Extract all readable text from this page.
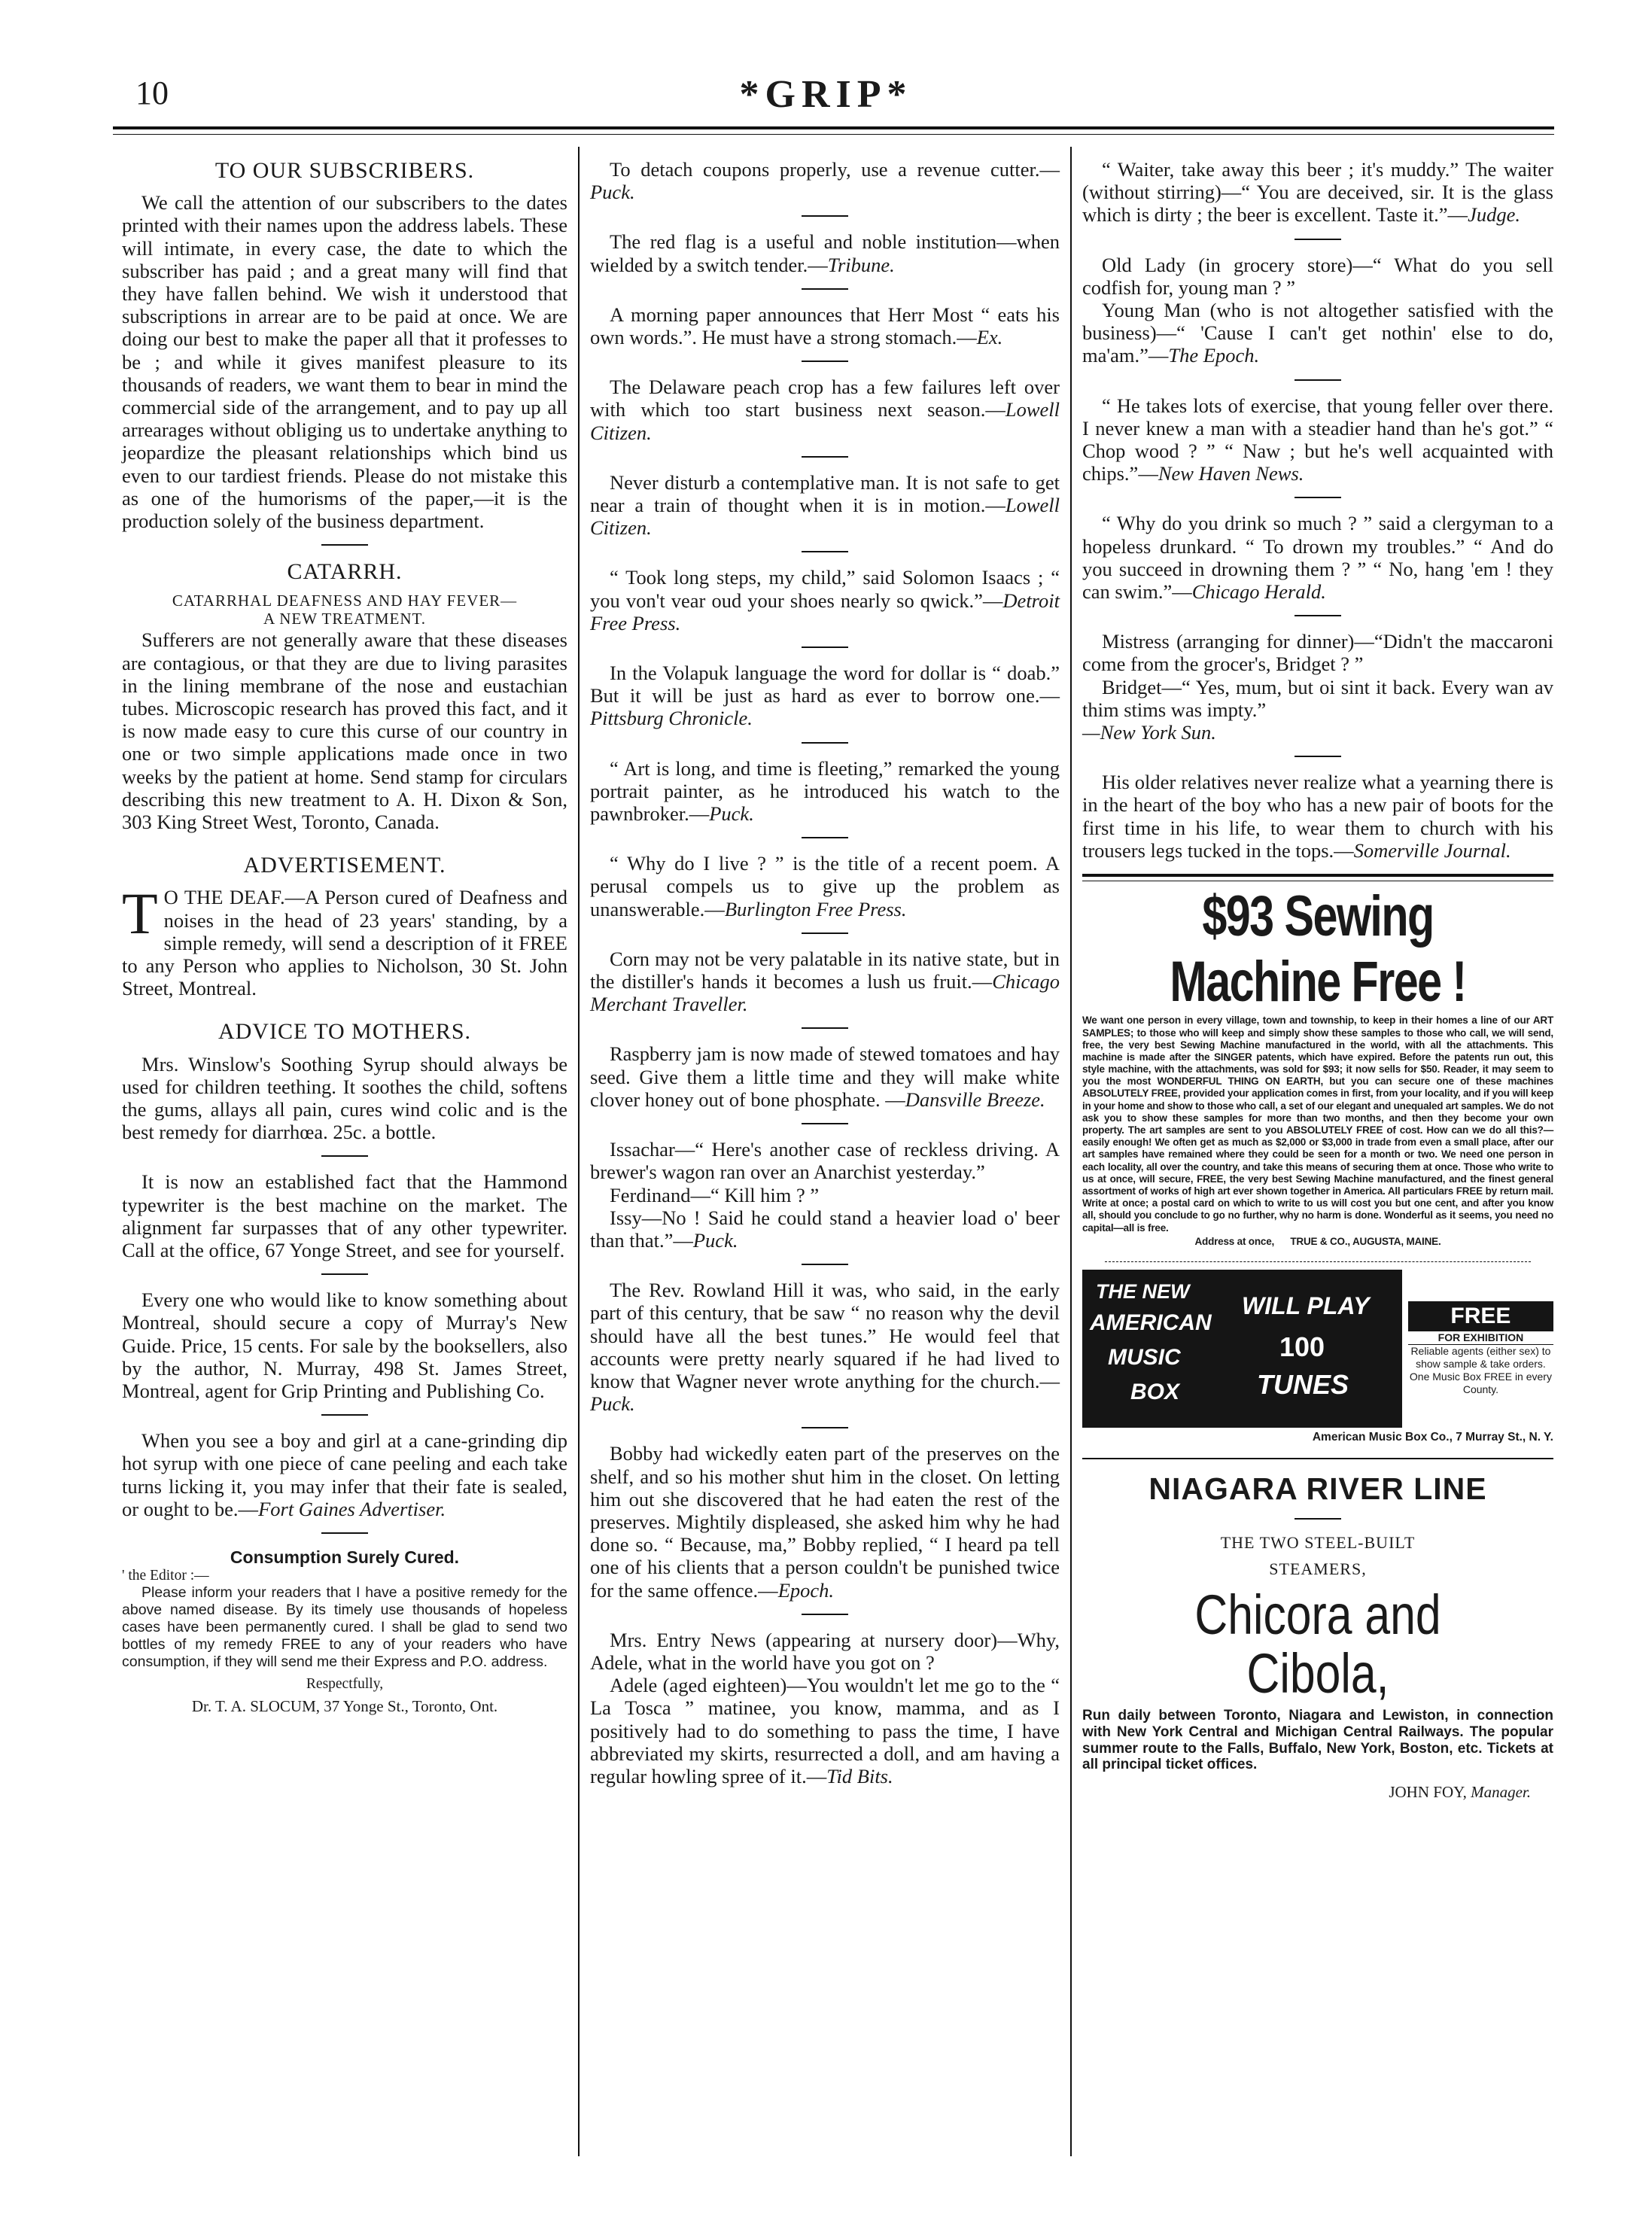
10	*GRIP*
TO OUR SUBSCRIBERS.

We call the attention of our subscribers to the dates printed with their names upon the address labels. These will intimate, in every case, the date to which the subscriber has paid ; and a great many will find that they have fallen behind. We wish it understood that subscriptions in arrear are to be paid at once. We are doing our best to make the paper all that it professes to be ; and while it gives manifest pleasure to its thousands of readers, we want them to bear in mind the commercial side of the arrangement, and to pay up all arrearages without obliging us to undertake anything to jeopardize the pleasant relationships which bind us even to our tardiest friends. Please do not mistake this as one of the humorisms of the paper,—it is the production solely of the business department.

CATARRH.
CATARRHAL DEAFNESS AND HAY FEVER—
A NEW TREATMENT.

Sufferers are not generally aware that these diseases are contagious, or that they are due to living parasites in the lining membrane of the nose and eustachian tubes. Microscopic research has proved this fact, and it is now made easy to cure this curse of our country in one or two simple applications made once in two weeks by the patient at home. Send stamp for circulars describing this new treatment to A. H. Dixon & Son, 303 King Street West, Toronto, Canada.

ADVERTISEMENT.
T O THE DEAF.—A Person cured of Deafness and noises in the head of 23 years' standing, by a simple remedy, will send a description of it FREE to any Person who applies to Nicholson, 30 St. John Street, Montreal.
ADVICE TO MOTHERS.

Mrs. Winslow's Soothing Syrup should always be used for children teething. It soothes the child, softens the gums, allays all pain, cures wind colic and is the best remedy for diarrhœa. 25c. a bottle.

It is now an established fact that the Hammond typewriter is the best machine on the market. The alignment far surpasses that of any other typewriter. Call at the office, 67 Yonge Street, and see for yourself.

Every one who would like to know something about Montreal, should secure a copy of Murray's New Guide. Price, 15 cents. For sale by the booksellers, also by the author, N. Murray, 498 St. James Street, Montreal, agent for Grip Printing and Publishing Co.

When you see a boy and girl at a cane-grinding dip hot syrup with one piece of cane peeling and each take turns licking it, you may infer that their fate is sealed, or ought to be.—Fort Gaines Advertiser.

Consumption Surely Cured.
' the Editor :—

Please inform your readers that I have a positive remedy for the above named disease. By its timely use thousands of hopeless cases have been permanently cured. I shall be glad to send two bottles of my remedy FREE to any of your readers who have consumption, if they will send me their Express and P.O. address.

Respectfully,
Dr. T. A. SLOCUM, 37 Yonge St., Toronto, Ont.

To detach coupons properly, use a revenue cutter.—Puck.

The red flag is a useful and noble institution—when wielded by a switch tender.—Tribune.

A morning paper announces that Herr Most “ eats his own words.”. He must have a strong stomach.—Ex.

The Delaware peach crop has a few failures left over with which too start business next season.—Lowell Citizen.

Never disturb a contemplative man. It is not safe to get near a train of thought when it is in motion.—Lowell Citizen.

“ Took long steps, my child,” said Solomon Isaacs ; “ you von't vear oud your shoes nearly so qwick.”—Detroit Free Press.

In the Volapuk language the word for dollar is “ doab.” But it will be just as hard as ever to borrow one.—Pittsburg Chronicle.

“ Art is long, and time is fleeting,” remarked the young portrait painter, as he introduced his watch to the pawnbroker.—Puck.

“ Why do I live ? ” is the title of a recent poem. A perusal compels us to give up the problem as unanswerable.—Burlington Free Press.

Corn may not be very palatable in its native state, but in the distiller's hands it becomes a lush us fruit.—Chicago Merchant Traveller.

Raspberry jam is now made of stewed tomatoes and hay seed. Give them a little time and they will make white clover honey out of bone phosphate. —Dansville Breeze.

Issachar—“ Here's another case of reckless driving. A brewer's wagon ran over an Anarchist yesterday.”

Ferdinand—“ Kill him ? ”

Issy—No ! Said he could stand a heavier load o' beer than that.”—Puck.

The Rev. Rowland Hill it was, who said, in the early part of this century, that be saw “ no reason why the devil should have all the best tunes.” He would feel that accounts were pretty nearly squared if he had lived to know that Wagner never wrote anything for the church.—Puck.

Bobby had wickedly eaten part of the preserves on the shelf, and so his mother shut him in the closet. On letting him out she discovered that he had eaten the rest of the preserves. Mightily displeased, she asked him why he had done so. “ Because, ma,” Bobby replied, “ I heard pa tell one of his clients that a person couldn't be punished twice for the same offence.—Epoch.

Mrs. Entry News (appearing at nursery door)—Why, Adele, what in the world have you got on ?

Adele (aged eighteen)—You wouldn't let me go to the “ La Tosca ” matinee, you know, mamma, and as I positively had to do something to pass the time, I have abbreviated my skirts, resurrected a doll, and am having a regular howling spree of it.—Tid Bits.

“ Waiter, take away this beer ; it's muddy.” The waiter (without stirring)—“ You are deceived, sir. It is the glass which is dirty ; the beer is excellent. Taste it.”—Judge.

Old Lady (in grocery store)—“ What do you sell codfish for, young man ? ”

Young Man (who is not altogether satisfied with the business)—“ 'Cause I can't get nothin' else to do, ma'am.”—The Epoch.

“ He takes lots of exercise, that young feller over there. I never knew a man with a steadier hand than he's got.” “ Chop wood ? ” “ Naw ; but he's well acquainted with chips.”—New Haven News.

“ Why do you drink so much ? ” said a clergyman to a hopeless drunkard. “ To drown my troubles.” “ And do you succeed in drowning them ? ” “ No, hang 'em ! they can swim.”—Chicago Herald.

Mistress (arranging for dinner)—“Didn't the maccaroni come from the grocer's, Bridget ? ”

Bridget—“ Yes, mum, but oi sint it back. Every wan av thim stims was impty.”

—New York Sun.

His older relatives never realize what a yearning there is in the heart of the boy who has a new pair of boots for the first time in his life, to wear them to church with his trousers legs tucked in the tops.—Somerville Journal.

$93 Sewing Machine Free !
We want one person in every village, town and township, to keep in their homes a line of our ART SAMPLES; to those who will keep and simply show these samples to those who call, we will send, free, the very best Sewing Machine manufactured in the world, with all the attachments. This machine is made after the SINGER patents, which have expired. Before the patents run out, this style machine, with the attachments, was sold for $93; it now sells for $50. Reader, it may seem to you the most WONDERFUL THING ON EARTH, but you can secure one of these machines ABSOLUTELY FREE, provided your application comes in first, from your locality, and if you will keep in your home and show to those who call, a set of our elegant and unequaled art samples. We do not ask you to show these samples for more than two months, and then they become your own property. The art samples are sent to you ABSOLUTELY FREE of cost. How can we do all this?—easily enough! We often get as much as $2,000 or $3,000 in trade from even a small place, after our art samples have remained where they could be seen for a month or two. We need one person in each locality, all over the country, and take this means of securing them at once. Those who write to us at once, will secure, FREE, the very best Sewing Machine manufactured, and the finest general assortment of works of high art ever shown together in America. All particulars FREE by return mail. Write at once; a postal card on which to write to us will cost you but one cent, and after you know all, should you conclude to go no further, why no harm is done. Wonderful as it seems, you need no capital—all is free.
Address at once, TRUE & CO., AUGUSTA, MAINE.
THE NEW
AMERICAN
MUSIC
BOX
WILL PLAY
100
TUNES
FREE
FOR EXHIBITION
Reliable agents (either sex) to show sample & take orders. One Music Box FREE in every County.
American Music Box Co., 7 Murray St., N. Y.
NIAGARA RIVER LINE
THE TWO STEEL-BUILT
STEAMERS,
Chicora and Cibola,
Run daily between Toronto, Niagara and Lewiston, in connection with New York Central and Michigan Central Railways. The popular summer route to the Falls, Buffalo, New York, Boston, etc. Tickets at all principal ticket offices.
JOHN FOY, Manager.
